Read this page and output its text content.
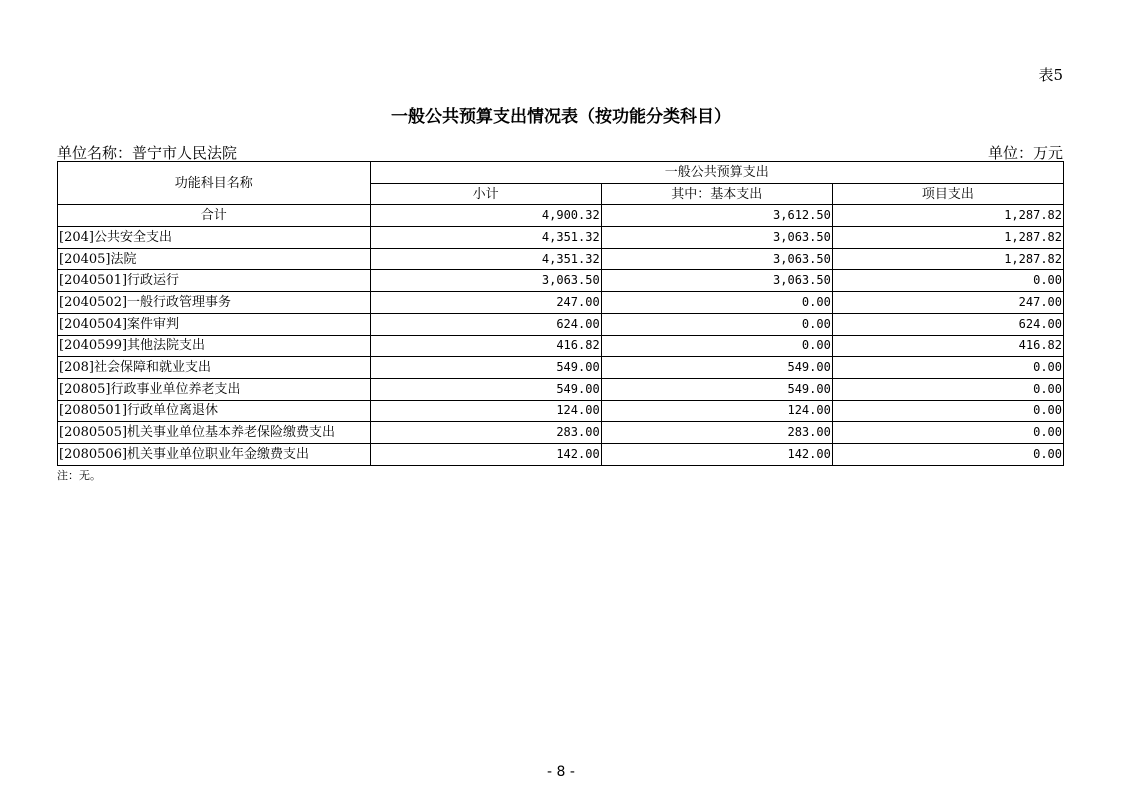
表5
一般公共预算支出情况表（按功能分类科目）
单位名称： 普宁市人民法院	单位： 万元
功能科目名称	一般公共预算支出		
	小计	其中：基本支出	项目支出
合计	4,900.32	3,612.50	1,287.82
[204]公共安全支出	4,351.32	3,063.50	1,287.82
[20405]法院	4,351.32	3,063.50	1,287.82
[2040501]行政运行	3,063.50	3,063.50	0.00
[2040502]一般行政管理事务	247.00	0.00	247.00
[2040504]案件审判	624.00	0.00	624.00
[2040599]其他法院支出	416.82	0.00	416.82
[208]社会保障和就业支出	549.00	549.00	0.00
[20805]行政事业单位养老支出	549.00	549.00	0.00
[2080501]行政单位离退休	124.00	124.00	0.00
[2080505]机关事业单位基本养老保险缴费支出	283.00	283.00	0.00
[2080506]机关事业单位职业年金缴费支出	142.00	142.00	0.00
注：无。
- 8 -
